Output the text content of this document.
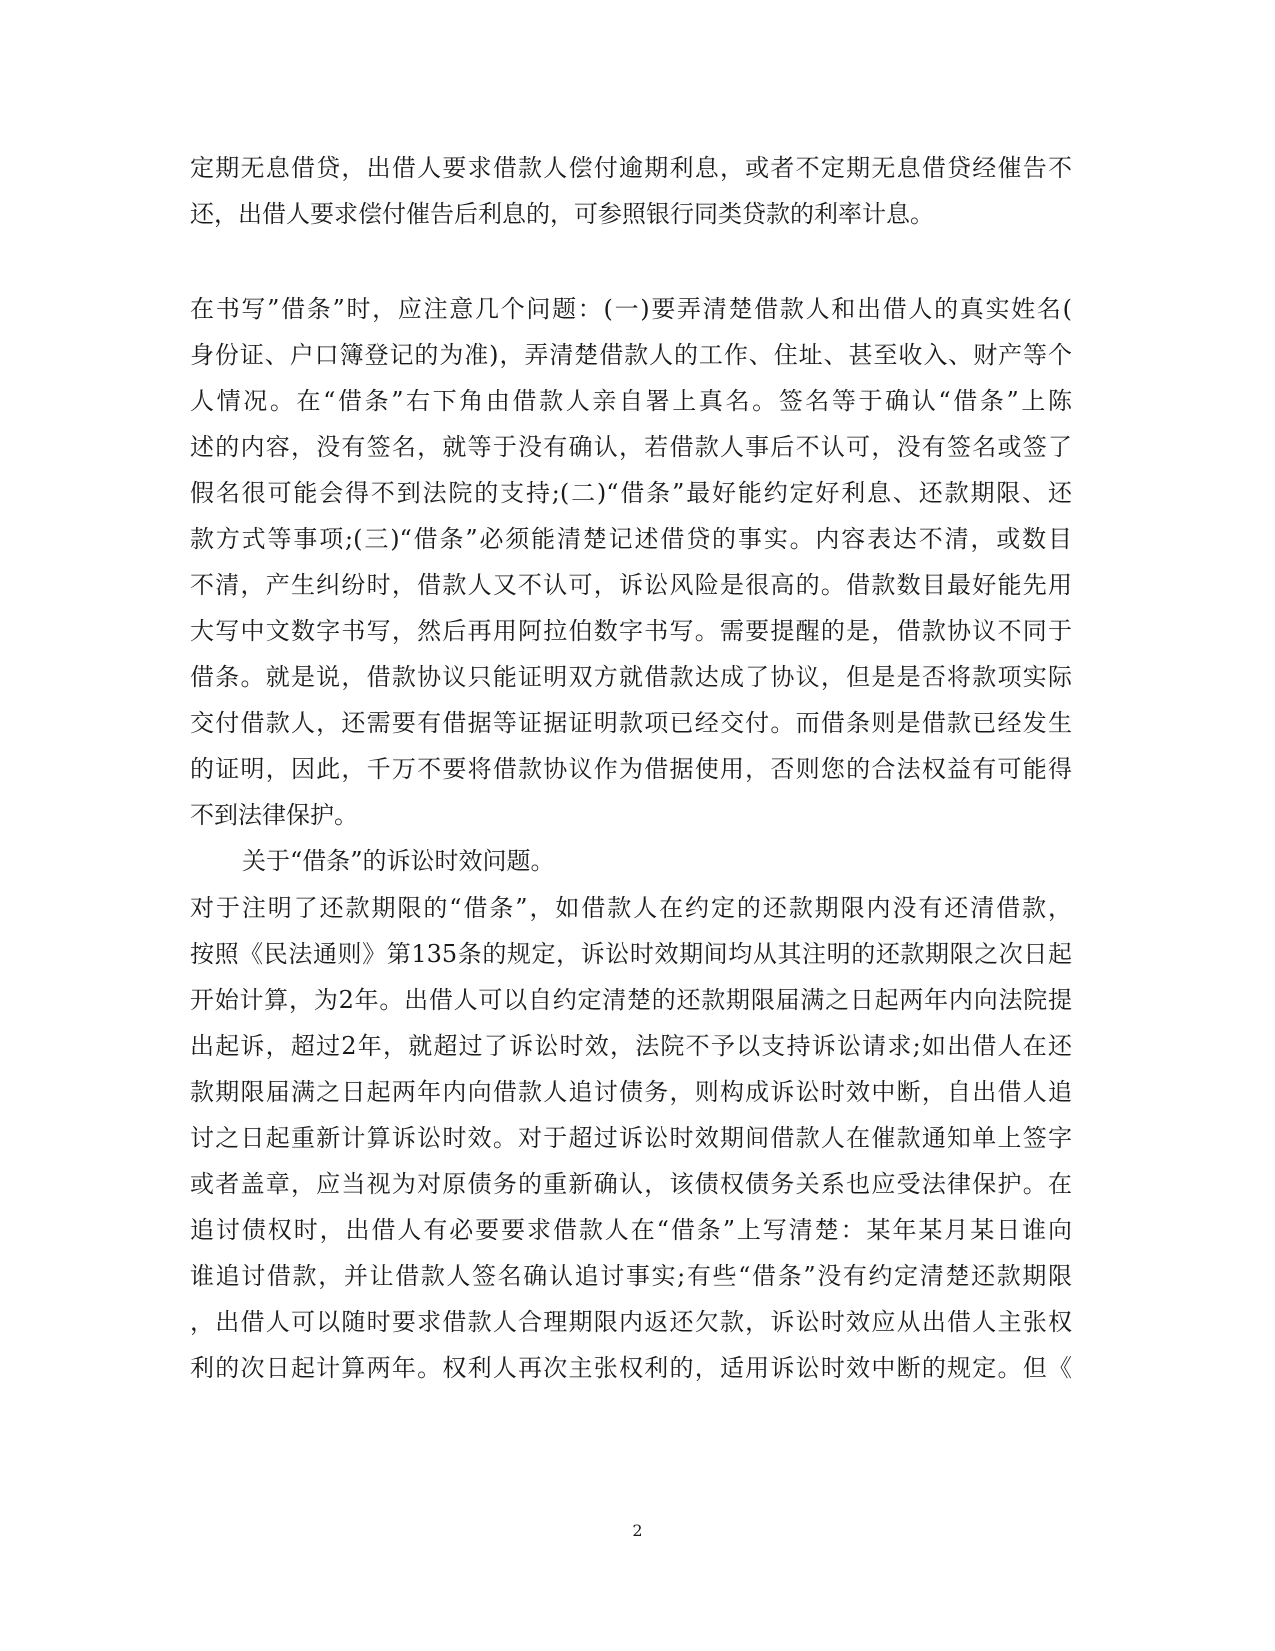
定期无息借贷，出借人要求借款人偿付逾期利息，或者不定期无息借贷经催告不
还，出借人要求偿付催告后利息的，可参照银行同类贷款的利率计息。
在书写”借条”时，应注意几个问题：(一)要弄清楚借款人和出借人的真实姓名(
身份证、户口簿登记的为准)，弄清楚借款人的工作、住址、甚至收入、财产等个
人情况。在“借条”右下角由借款人亲自署上真名。签名等于确认“借条”上陈
述的内容，没有签名，就等于没有确认，若借款人事后不认可，没有签名或签了
假名很可能会得不到法院的支持;(二)“借条”最好能约定好利息、还款期限、还
款方式等事项;(三)“借条”必须能清楚记述借贷的事实。内容表达不清，或数目
不清，产生纠纷时，借款人又不认可，诉讼风险是很高的。借款数目最好能先用
大写中文数字书写，然后再用阿拉伯数字书写。需要提醒的是，借款协议不同于
借条。就是说，借款协议只能证明双方就借款达成了协议，但是是否将款项实际
交付借款人，还需要有借据等证据证明款项已经交付。而借条则是借款已经发生
的证明，因此，千万不要将借款协议作为借据使用，否则您的合法权益有可能得
不到法律保护。
关于“借条”的诉讼时效问题。
对于注明了还款期限的“借条”，如借款人在约定的还款期限内没有还清借款，
按照《民法通则》第135条的规定，诉讼时效期间均从其注明的还款期限之次日起
开始计算，为2年。出借人可以自约定清楚的还款期限届满之日起两年内向法院提
出起诉，超过2年，就超过了诉讼时效，法院不予以支持诉讼请求;如出借人在还
款期限届满之日起两年内向借款人追讨债务，则构成诉讼时效中断，自出借人追
讨之日起重新计算诉讼时效。对于超过诉讼时效期间借款人在催款通知单上签字
或者盖章，应当视为对原债务的重新确认，该债权债务关系也应受法律保护。在
追讨债权时，出借人有必要要求借款人在“借条”上写清楚：某年某月某日谁向
谁追讨借款，并让借款人签名确认追讨事实;有些“借条”没有约定清楚还款期限
，出借人可以随时要求借款人合理期限内返还欠款，诉讼时效应从出借人主张权
利的次日起计算两年。权利人再次主张权利的，适用诉讼时效中断的规定。但《
2
